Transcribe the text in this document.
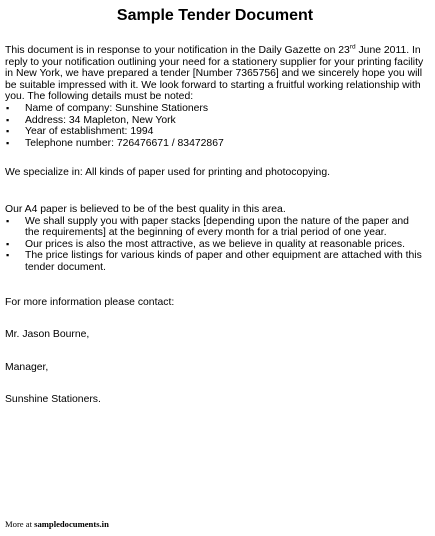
Sample Tender Document

This document is in response to your notification in the Daily Gazette on 23rd June 2011. In reply to your notification outlining your need for a stationery supplier for your printing facility in New York, we have prepared a tender [Number 7365756] and we sincerely hope you will be suitable impressed with it. We look forward to starting a fruitful working relationship with you. The following details must be noted:

▪ Name of company: Sunshine Stationers
▪ Address: 34 Mapleton, New York
▪ Year of establishment: 1994
▪ Telephone number: 726476671 / 83472867

We specialize in: All kinds of paper used for printing and photocopying.

Our A4 paper is believed to be of the best quality in this area.

▪ We shall supply you with paper stacks [depending upon the nature of the paper and the requirements] at the beginning of every month for a trial period of one year.
▪ Our prices is also the most attractive, as we believe in quality at reasonable prices.
▪ The price listings for various kinds of paper and other equipment are attached with this tender document.

For more information please contact:

Mr. Jason Bourne,

Manager,

Sunshine Stationers.

More at sampledocuments.in
